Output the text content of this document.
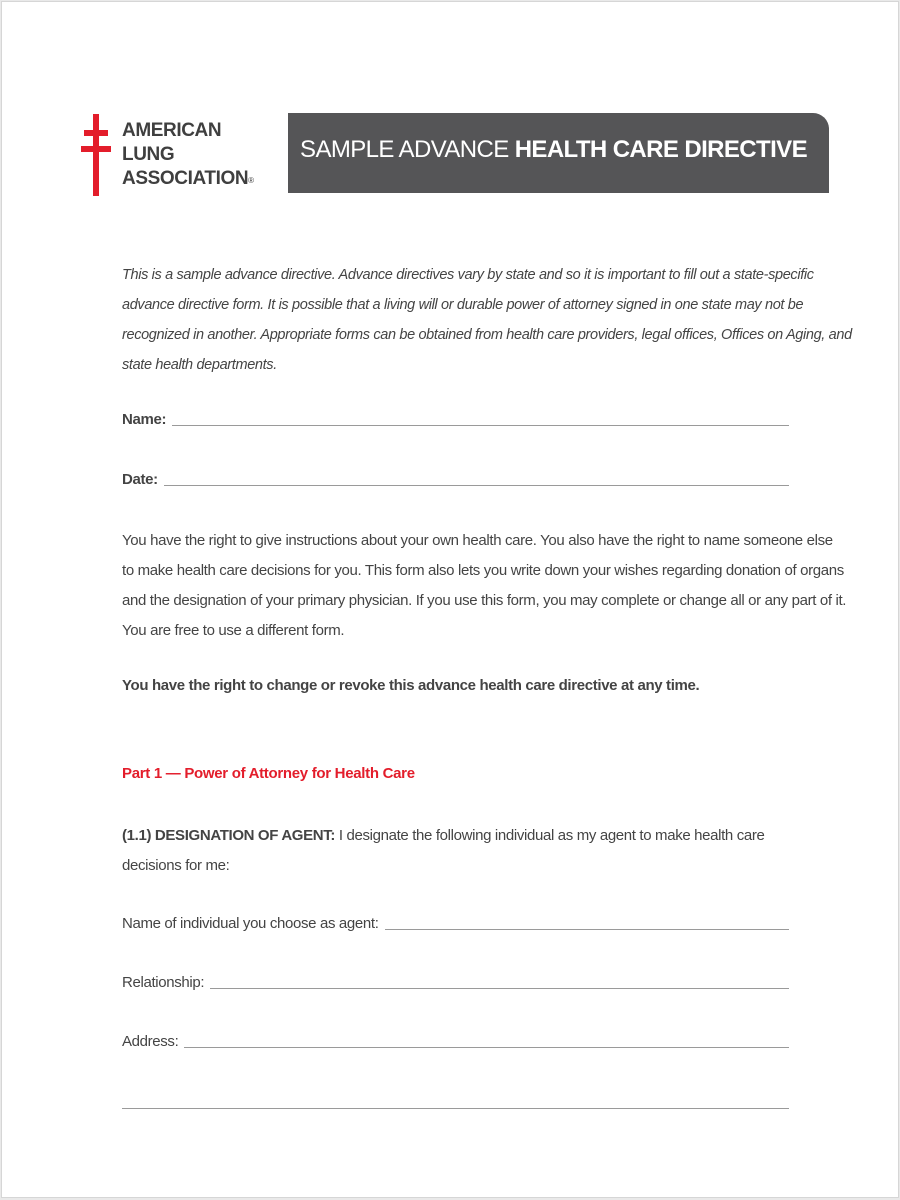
AMERICAN
LUNG
ASSOCIATION®
SAMPLE ADVANCE HEALTH CARE DIRECTIVE
This is a sample advance directive. Advance directives vary by state and so it is important to fill out a state-specific
advance directive form. It is possible that a living will or durable power of attorney signed in one state may not be
recognized in another. Appropriate forms can be obtained from health care providers, legal offices, Offices on Aging, and
state health departments.
Name:
Date:
You have the right to give instructions about your own health care. You also have the right to name someone else
to make health care decisions for you. This form also lets you write down your wishes regarding donation of organs
and the designation of your primary physician. If you use this form, you may complete or change all or any part of it.
You are free to use a different form.
You have the right to change or revoke this advance health care directive at any time.
Part 1 — Power of Attorney for Health Care
(1.1) DESIGNATION OF AGENT: I designate the following individual as my agent to make health care
decisions for me:
Name of individual you choose as agent:
Relationship:
Address:
